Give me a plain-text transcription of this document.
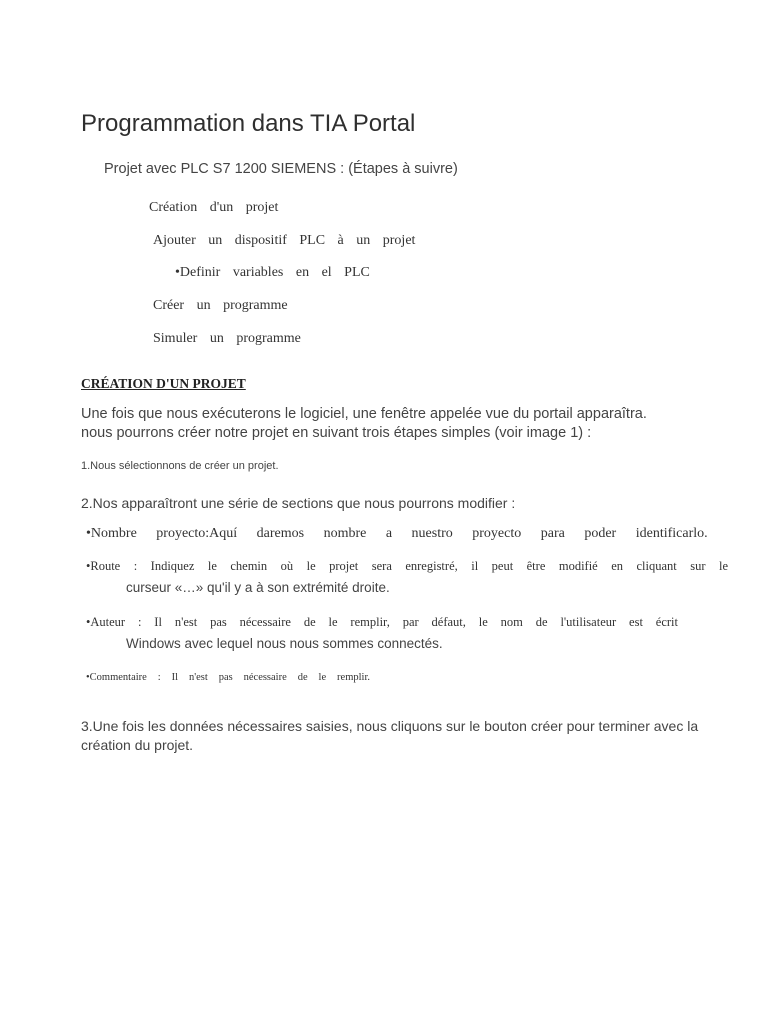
Programmation dans TIA Portal
Projet avec PLC S7 1200 SIEMENS : (Étapes à suivre)
Création d'un projet
Ajouter un dispositif PLC à un projet
•Definir variables en el PLC
Créer un programme
Simuler un programme
CRÉATION D'UN PROJET
Une fois que nous exécuterons le logiciel, une fenêtre appelée vue du portail apparaîtra.
nous pourrons créer notre projet en suivant trois étapes simples (voir image 1) :
1.Nous sélectionnons de créer un projet.
2.Nos apparaîtront une série de sections que nous pourrons modifier :
•Nombre proyecto:Aquí daremos nombre a nuestro proyecto para poder identificarlo.
•Route : Indiquez le chemin où le projet sera enregistré, il peut être modifié en cliquant sur le
curseur «…» qu'il y a à son extrémité droite.
•Auteur : Il n'est pas nécessaire de le remplir, par défaut, le nom de l'utilisateur est écrit
Windows avec lequel nous nous sommes connectés.
•Commentaire : Il n'est pas nécessaire de le remplir.
3.Une fois les données nécessaires saisies, nous cliquons sur le bouton créer pour terminer avec la création du projet.
